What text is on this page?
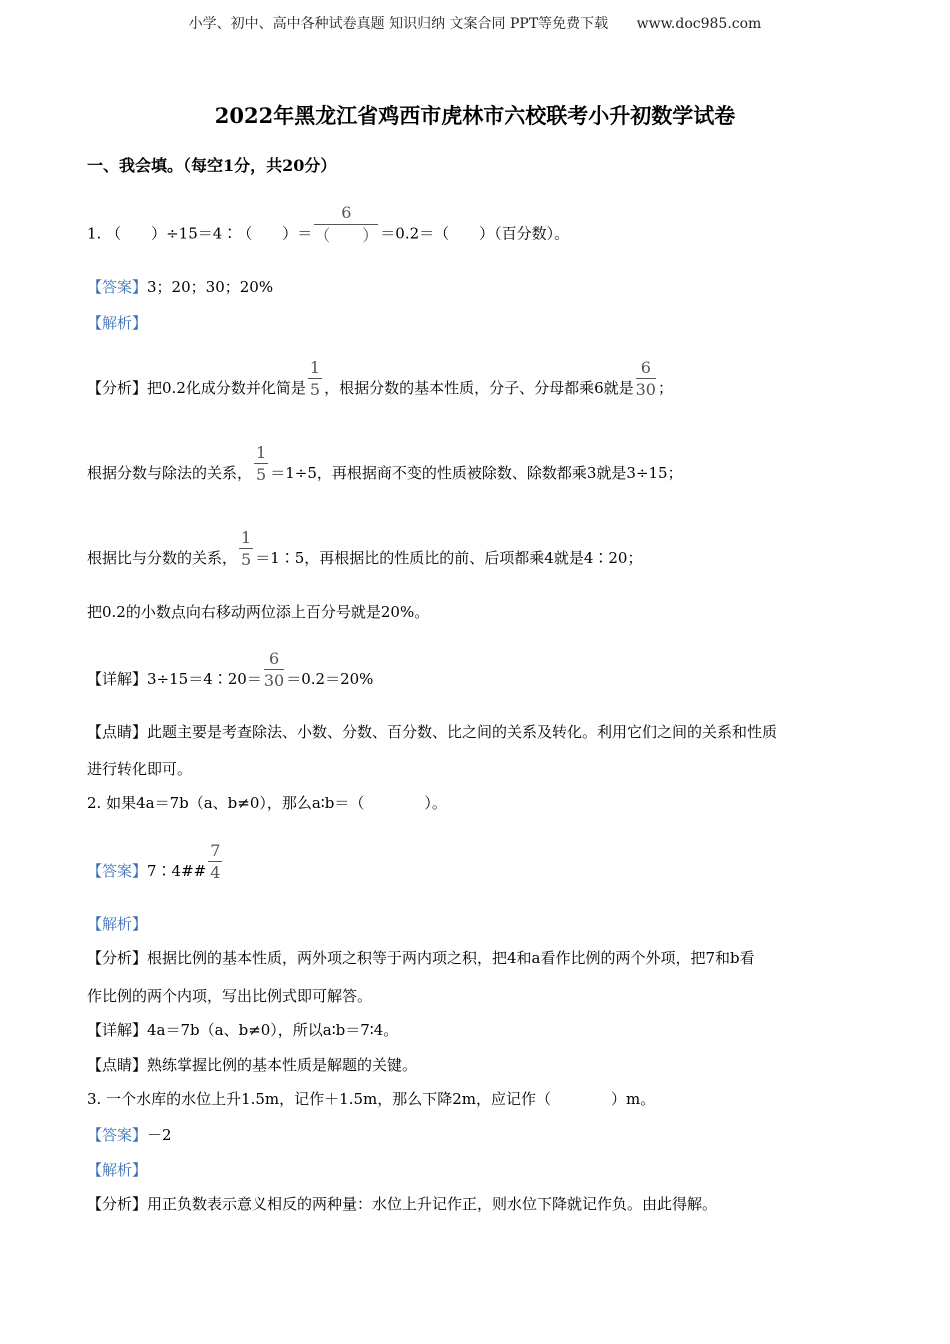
小学、初中、高中各种试卷真题 知识归纳 文案合同 PPT等免费下载 www.doc985.com
2022年黑龙江省鸡西市虎林市六校联考小升初数学试卷
一、我会填。（每空1分，共20分）
1. （　　）÷15＝4∶（　　）＝ $\frac{6}{( )} =0.2=$（　　）（百分数）。
【答案】3；20；30；20%
【解析】
【分析】把0.2化成分数并化简是 $\frac{1}{5}$ ，根据分数的基本性质，分子、分母都乘6就是 $\frac{6}{30}$ ；
根据分数与除法的关系， $\frac{1}{5} =1\div 5$，再根据商不变的性质被除数、除数都乘3就是3÷15；
根据比与分数的关系， $\frac{1}{5}$ ＝1∶5，再根据比的性质比的前、后项都乘4就是4∶20；
把0.2的小数点向右移动两位添上百分号就是20%。
【详解】3÷15＝4∶20＝ $\frac{6}{30} =0.2=20\%$
【点睛】此题主要是考查除法、小数、分数、百分数、比之间的关系及转化。利用它们之间的关系和性质
进行转化即可。
2. 如果4a＝7b（a、b≠0），那么a∶b＝（　　　　）。
【答案】7∶4## $\frac{7}{4}$
【解析】
【分析】根据比例的基本性质，两外项之积等于两内项之积，把4和a看作比例的两个外项，把7和b看
作比例的两个内项，写出比例式即可解答。
【详解】4a＝7b（a、b≠0），所以a∶b＝7∶4。
【点睛】熟练掌握比例的基本性质是解题的关键。
3. 一个水库的水位上升1.5m，记作＋1.5m，那么下降2m，应记作（　　　　）m。
【答案】－2
【解析】
【分析】用正负数表示意义相反的两种量：水位上升记作正，则水位下降就记作负。由此得解。
